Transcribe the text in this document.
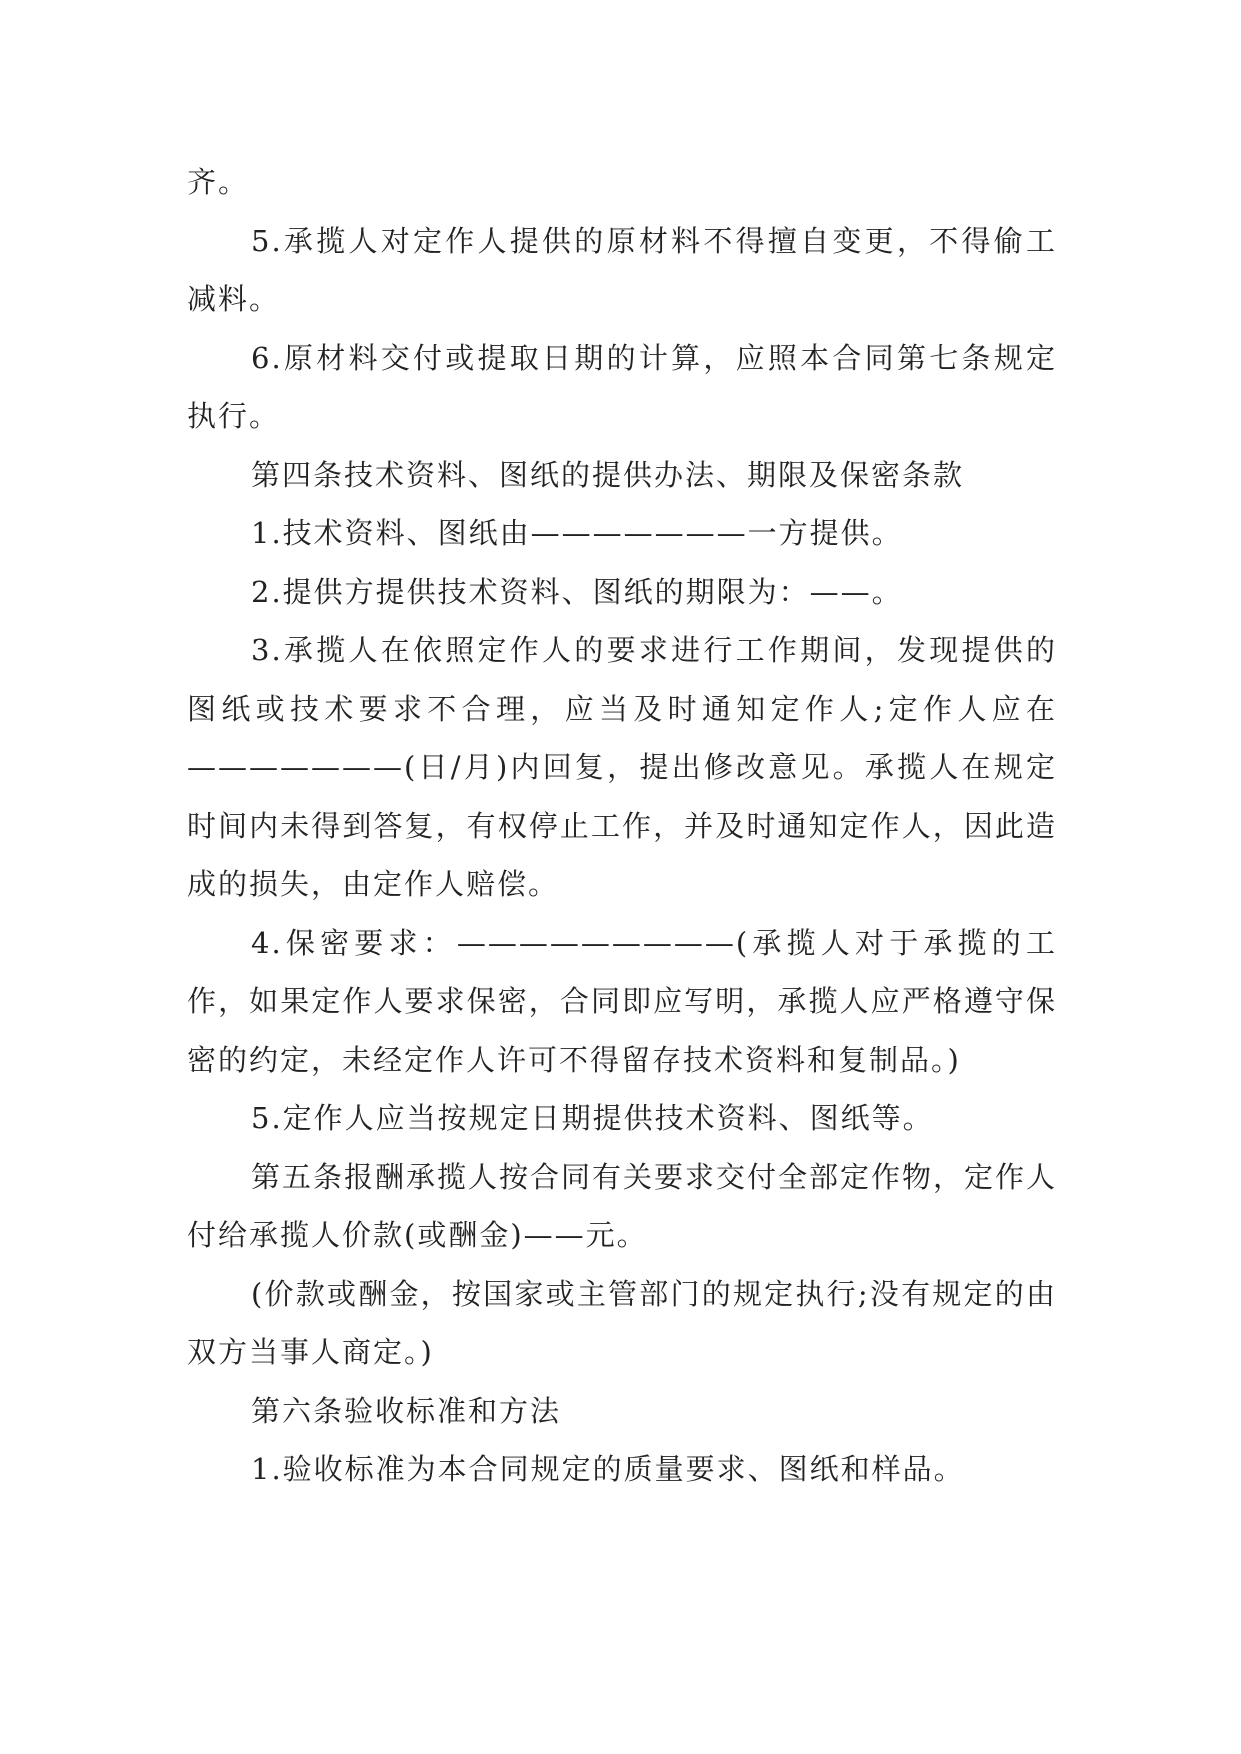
齐。

5.承揽人对定作人提供的原材料不得擅自变更，不得偷工减料。

6.原材料交付或提取日期的计算，应照本合同第七条规定执行。

第四条技术资料、图纸的提供办法、期限及保密条款

1.技术资料、图纸由———————一方提供。

2.提供方提供技术资料、图纸的期限为：——。

3.承揽人在依照定作人的要求进行工作期间，发现提供的图纸或技术要求不合理，应当及时通知定作人;定作人应在———————(日/月)内回复，提出修改意见。承揽人在规定时间内未得到答复，有权停止工作，并及时通知定作人，因此造成的损失，由定作人赔偿。

4.保密要求：—————————(承揽人对于承揽的工作，如果定作人要求保密，合同即应写明，承揽人应严格遵守保密的约定，未经定作人许可不得留存技术资料和复制品。)

5.定作人应当按规定日期提供技术资料、图纸等。

第五条报酬承揽人按合同有关要求交付全部定作物，定作人付给承揽人价款(或酬金)——元。

(价款或酬金，按国家或主管部门的规定执行;没有规定的由双方当事人商定。)

第六条验收标准和方法

1.验收标准为本合同规定的质量要求、图纸和样品。
